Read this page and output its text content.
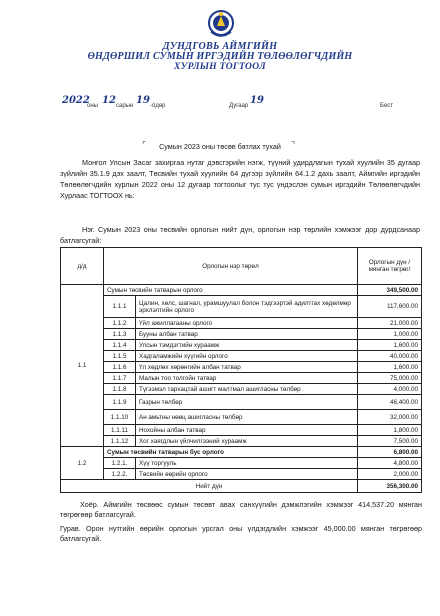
ДУНДГОВЬ АЙМГИЙН
ӨНДӨРШИЛ СУМЫН ИРГЭДИЙН ТӨЛӨӨЛӨГЧДИЙН
ХУРЛЫН ТОГТООЛ
2022
оны 12 сарын 19 -ӧдөр	Дугаар 19	Бест
⌜	Сумын 2023 оны төсөв батлах тухай	⌝
Монгол Улсын Засаг захиргаа нутаг дэвсгэрийн нэгж, түүний удирдлагын тухай хуулийн 35 дугаар зүйлийн 35.1.9 дэх заалт, Төсвийн тухай хуулийн 64 дүгээр зүйлийн 64.1.2 дахь заалт, Аймгийн иргэдийн Төлөөлөгчдийн хурлын 2022 оны 12 дугаар тогтоолыг тус тус үндэслэн сумын иргэдийн Төлөөлөгчдийн Хурлаас ТОГТООХ нь:
Нэг. Сумын 2023 оны төсвийн орлогын нийт дүн, орлогын нэр төрлийн хэмжээг дор дурдсанаар батлагсугай:
д/д	Орлогын нэр төрөл		Орлогын дүн /мянган төгрөг/
1.1	Сумын төсвийн татварын орлого		349,500.00
	1.1.1	Цалин, хөлс, шагнал, урамшуулал болон тэдгээртэй адилтгах хөдөлмөр эрхлэлтийн орлого	117,600.00
	1.1.2	Үйл ажиллагааны орлого	21,000.00
	1.1.3	Бууны албан татвар	1,000.00
	1.1.4	Улсын тэмдэгтийн хураамж	1,600.00
	1.1.5	Хадгаламжийн хүүгийн орлого	40,000.00
	1.1.6	Үл хөдлөх хөрөнгийн албан татвар	1,600.00
	1.1.7	Малын тоо толгойн татвар	75,000.00
	1.1.8	Түгээмэл тархацтай ашигт малтмал ашигласны төлбөр	4,000.00
	1.1.9	Газрын төлбөр	46,400.00
	1.1.10	Ан амьтны нөөц ашигласны төлбөр	32,000.00
	1.1.11	Нохойны албан татвар	1,800.00
	1.1.12	Хог хаягдлын үйлчилгээний хураамж	7,500.00
1.2	Сумын төсвийн татварын бус орлого		6,800.00
	1.2.1.	Хүү торгууль	4,800.00
	1.2.2.	Төсвийн өөрийн орлого	2,000.00
Нийт дүн			356,300.00
Хоёр. Аймгийн төсвөөс сумын төсөвт авах санхүүгийн дэмжлэгийн хэмжээг 414,537.20 мянган төгрөгөөр батлагсугай.
Гурав. Орон нутгийн өөрийн орлогын урсгал оны үлдэгдлийн хэмжээг 45,000.00 мянган төгрөгөөр батлагсугай.
